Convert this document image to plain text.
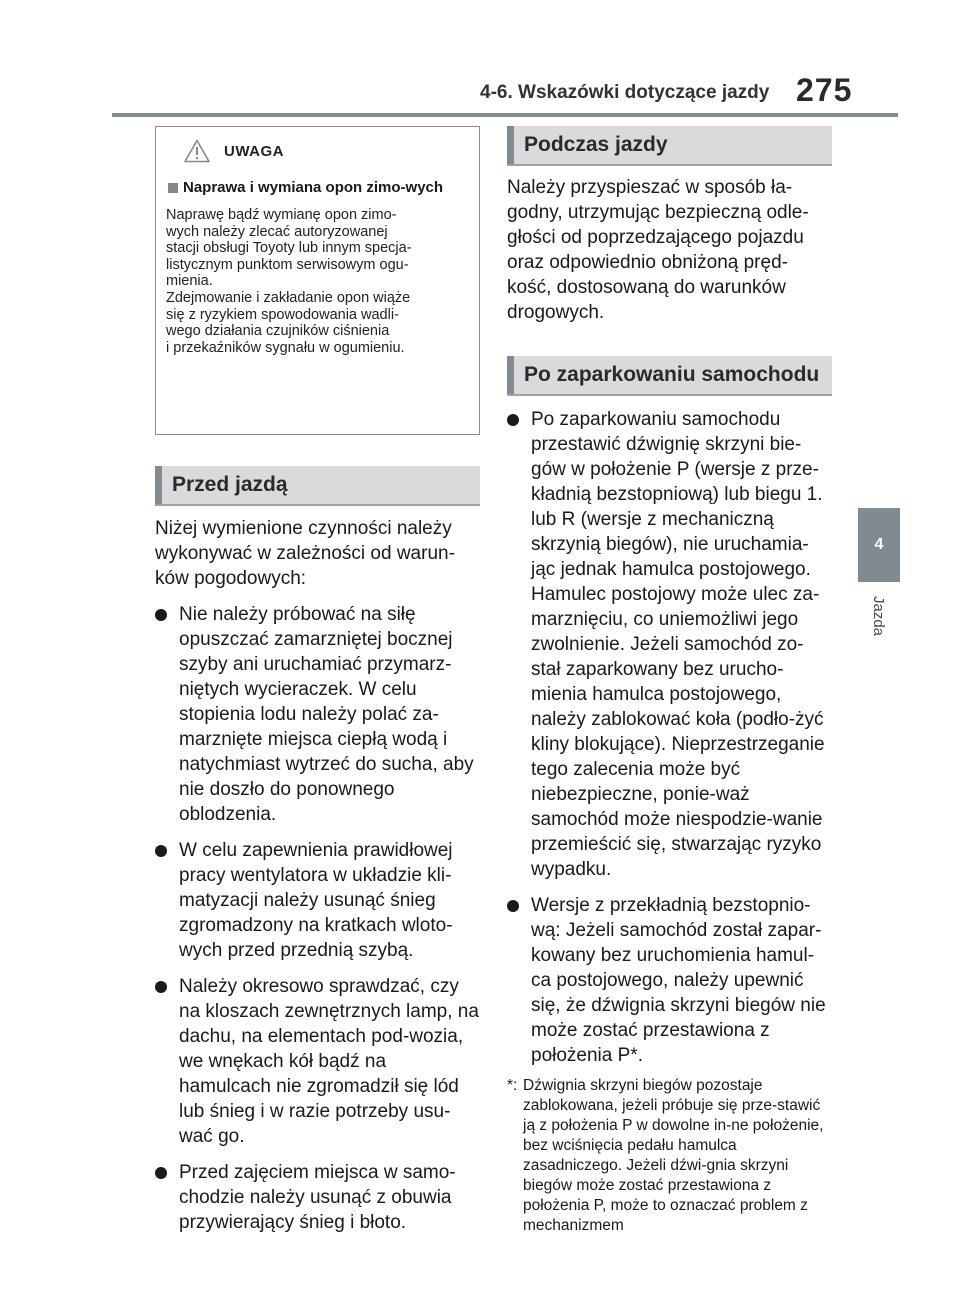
4-6. Wskazówki dotyczące jazdy 275
4
Jazda
UWAGA
Naprawa i wymiana opon zimo-wych
Naprawę bądź wymianę opon zimo-
wych należy zlecać autoryzowanej
stacji obsługi Toyoty lub innym specja-
listycznym punktom serwisowym ogu-
mienia.
Zdejmowanie i zakładanie opon wiąże
się z ryzykiem spowodowania wadli-
wego działania czujników ciśnienia
i przekaźników sygnału w ogumieniu.
Przed jazdą

Niżej wymienione czynności należy wykonywać w zależności od warun-ków pogodowych:

Nie należy próbować na siłę opuszczać zamarzniętej bocznej szyby ani uruchamiać przymarz-niętych wycieraczek. W celu stopienia lodu należy polać za-marznięte miejsca ciepłą wodą i natychmiast wytrzeć do sucha, aby nie doszło do ponownego oblodzenia.
W celu zapewnienia prawidłowej pracy wentylatora w układzie kli-matyzacji należy usunąć śnieg zgromadzony na kratkach wloto-wych przed przednią szybą.
Należy okresowo sprawdzać, czy na kloszach zewnętrznych lamp, na dachu, na elementach pod-wozia, we wnękach kół bądź na hamulcach nie zgromadził się lód lub śnieg i w razie potrzeby usu-wać go.
Przed zajęciem miejsca w samo-chodzie należy usunąć z obuwia przywierający śnieg i błoto.
Podczas jazdy

Należy przyspieszać w sposób ła-godny, utrzymując bezpieczną odle-głości od poprzedzającego pojazdu oraz odpowiednio obniżoną pręd-kość, dostosowaną do warunków drogowych.

Po zaparkowaniu samochodu
Po zaparkowaniu samochodu przestawić dźwignię skrzyni bie-gów w położenie P (wersje z prze-kładnią bezstopniową) lub biegu 1. lub R (wersje z mechaniczną skrzynią biegów), nie uruchamia-jąc jednak hamulca postojowego. Hamulec postojowy może ulec za-marznięciu, co uniemożliwi jego zwolnienie. Jeżeli samochód zo-stał zaparkowany bez urucho-mienia hamulca postojowego, należy zablokować koła (podło-żyć kliny blokujące). Nieprzestrzeganie tego zalecenia może być niebezpieczne, ponie-waż samochód może niespodzie-wanie przemieścić się, stwarzając ryzyko wypadku.
Wersje z przekładnią bezstopnio-wą: Jeżeli samochód został zapar-kowany bez uruchomienia hamul-ca postojowego, należy upewnić się, że dźwignia skrzyni biegów nie może zostać przestawiona z położenia P*.
*: Dźwignia skrzyni biegów pozostaje zablokowana, jeżeli próbuje się prze-stawić ją z położenia P w dowolne in-ne położenie, bez wciśnięcia pedału hamulca zasadniczego. Jeżeli dźwi-gnia skrzyni biegów może zostać przestawiona z położenia P, może to oznaczać problem z mechanizmem
